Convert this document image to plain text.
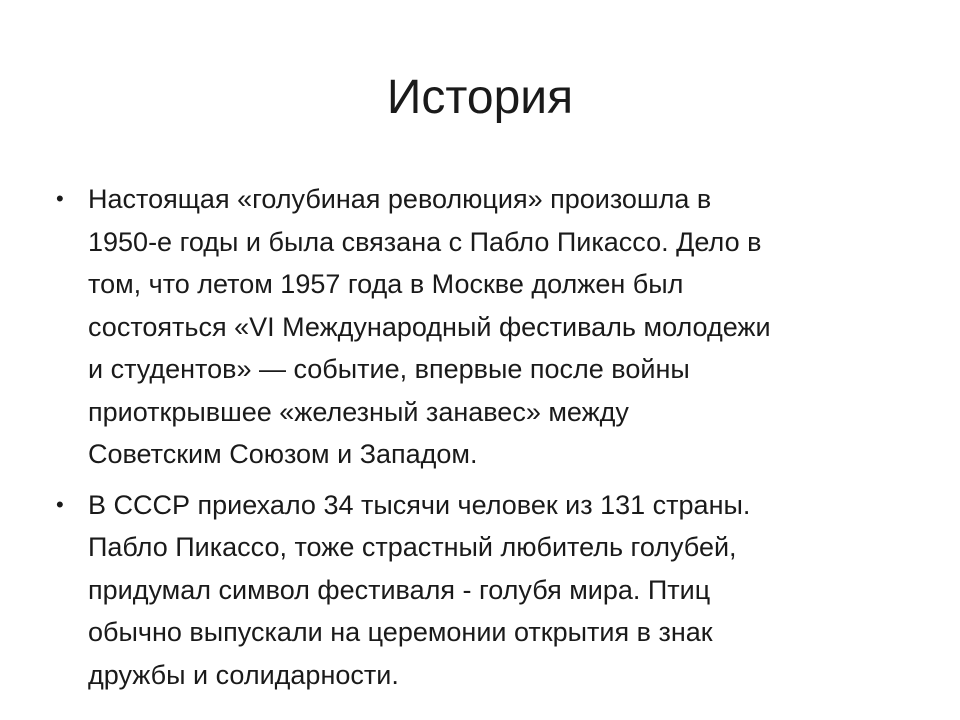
История
• Настоящая «голубиная революция» произошла в
1950-е годы и была связана с Пабло Пикассо. Дело в
том, что летом 1957 года в Москве должен был
состояться «VI Международный фестиваль молодежи
и студентов» — событие, впервые после войны
приоткрывшее «железный занавес» между
Советским Союзом и Западом.
• В СССР приехало 34 тысячи человек из 131 страны.
Пабло Пикассо, тоже страстный любитель голубей,
придумал символ фестиваля - голубя мира. Птиц
обычно выпускали на церемонии открытия в знак
дружбы и солидарности.
